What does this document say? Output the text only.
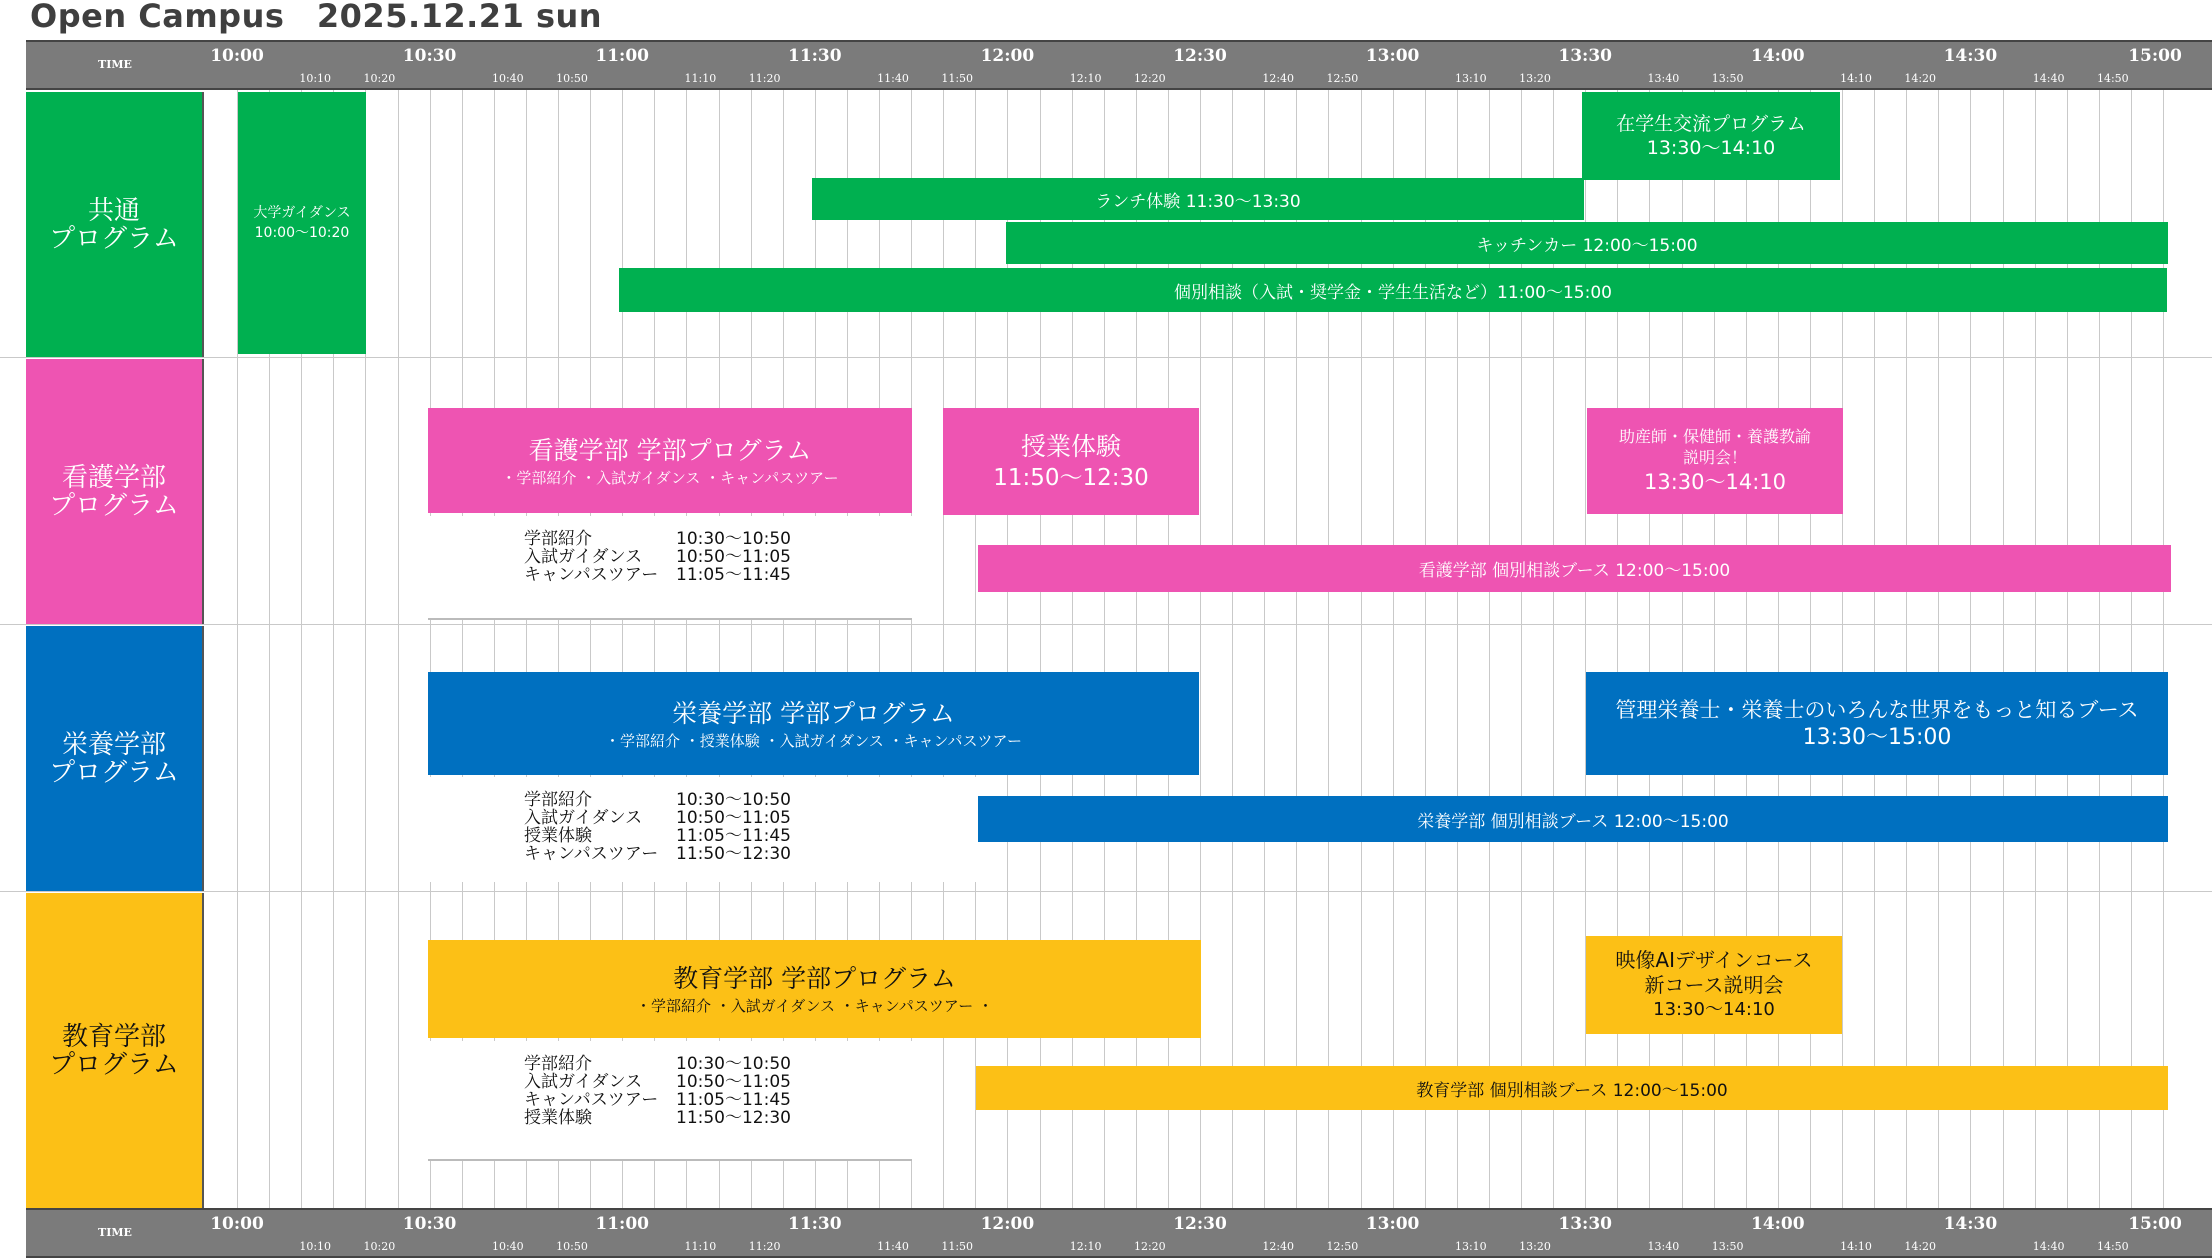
Open Campus　2025.12.21 sun
TIME	10:00	10:30	11:00	11:30	12:00	12:30	13:00	13:30	14:00	14:30	15:00
10:10	10:20	10:40	10:50	11:10	11:20	11:40	11:50	12:10	12:20	12:40	12:50	13:10	13:20	13:40	13:50	14:10	14:20	14:40	14:50
共通
プログラム
看護学部
プログラム
栄養学部
プログラム
教育学部
プログラム
大学ガイダンス
10:00～10:20
在学生交流プログラム
13:30～14:10
ランチ体験 11:30～13:30
キッチンカー 12:00～15:00
個別相談（入試・奨学金・学生生活など）11:00～15:00
看護学部 学部プログラム
・学部紹介 ・入試ガイダンス ・キャンパスツアー
授業体験
11:50～12:30
助産師・保健師・養護教諭
説明会！
13:30～14:10
看護学部 個別相談ブース 12:00～15:00
学部紹介	10:30～10:50
入試ガイダンス 10:50～11:05
キャンパスツアー 11:05～11:45
栄養学部 学部プログラム
・学部紹介 ・授業体験 ・入試ガイダンス ・キャンパスツアー
管理栄養士・栄養士のいろんな世界をもっと知るブース
13:30～15:00
栄養学部 個別相談ブース 12:00～15:00
学部紹介	10:30～10:50
入試ガイダンス 10:50～11:05
授業体験	11:05～11:45
キャンパスツアー 11:50～12:30
教育学部 学部プログラム
・学部紹介 ・入試ガイダンス ・キャンパスツアー ・
映像AIデザインコース
新コース説明会
13:30～14:10
教育学部 個別相談ブース 12:00～15:00
学部紹介	10:30～10:50
入試ガイダンス 10:50～11:05
キャンパスツアー 11:05～11:45
授業体験	11:50～12:30
TIME	10:00	10:30	11:00	11:30	12:00	12:30	13:00	13:30	14:00	14:30	15:00
10:10	10:20	10:40	10:50	11:10	11:20	11:40	11:50	12:10	12:20	12:40	12:50	13:10	13:20	13:40	13:50	14:10	14:20	14:40	14:50
